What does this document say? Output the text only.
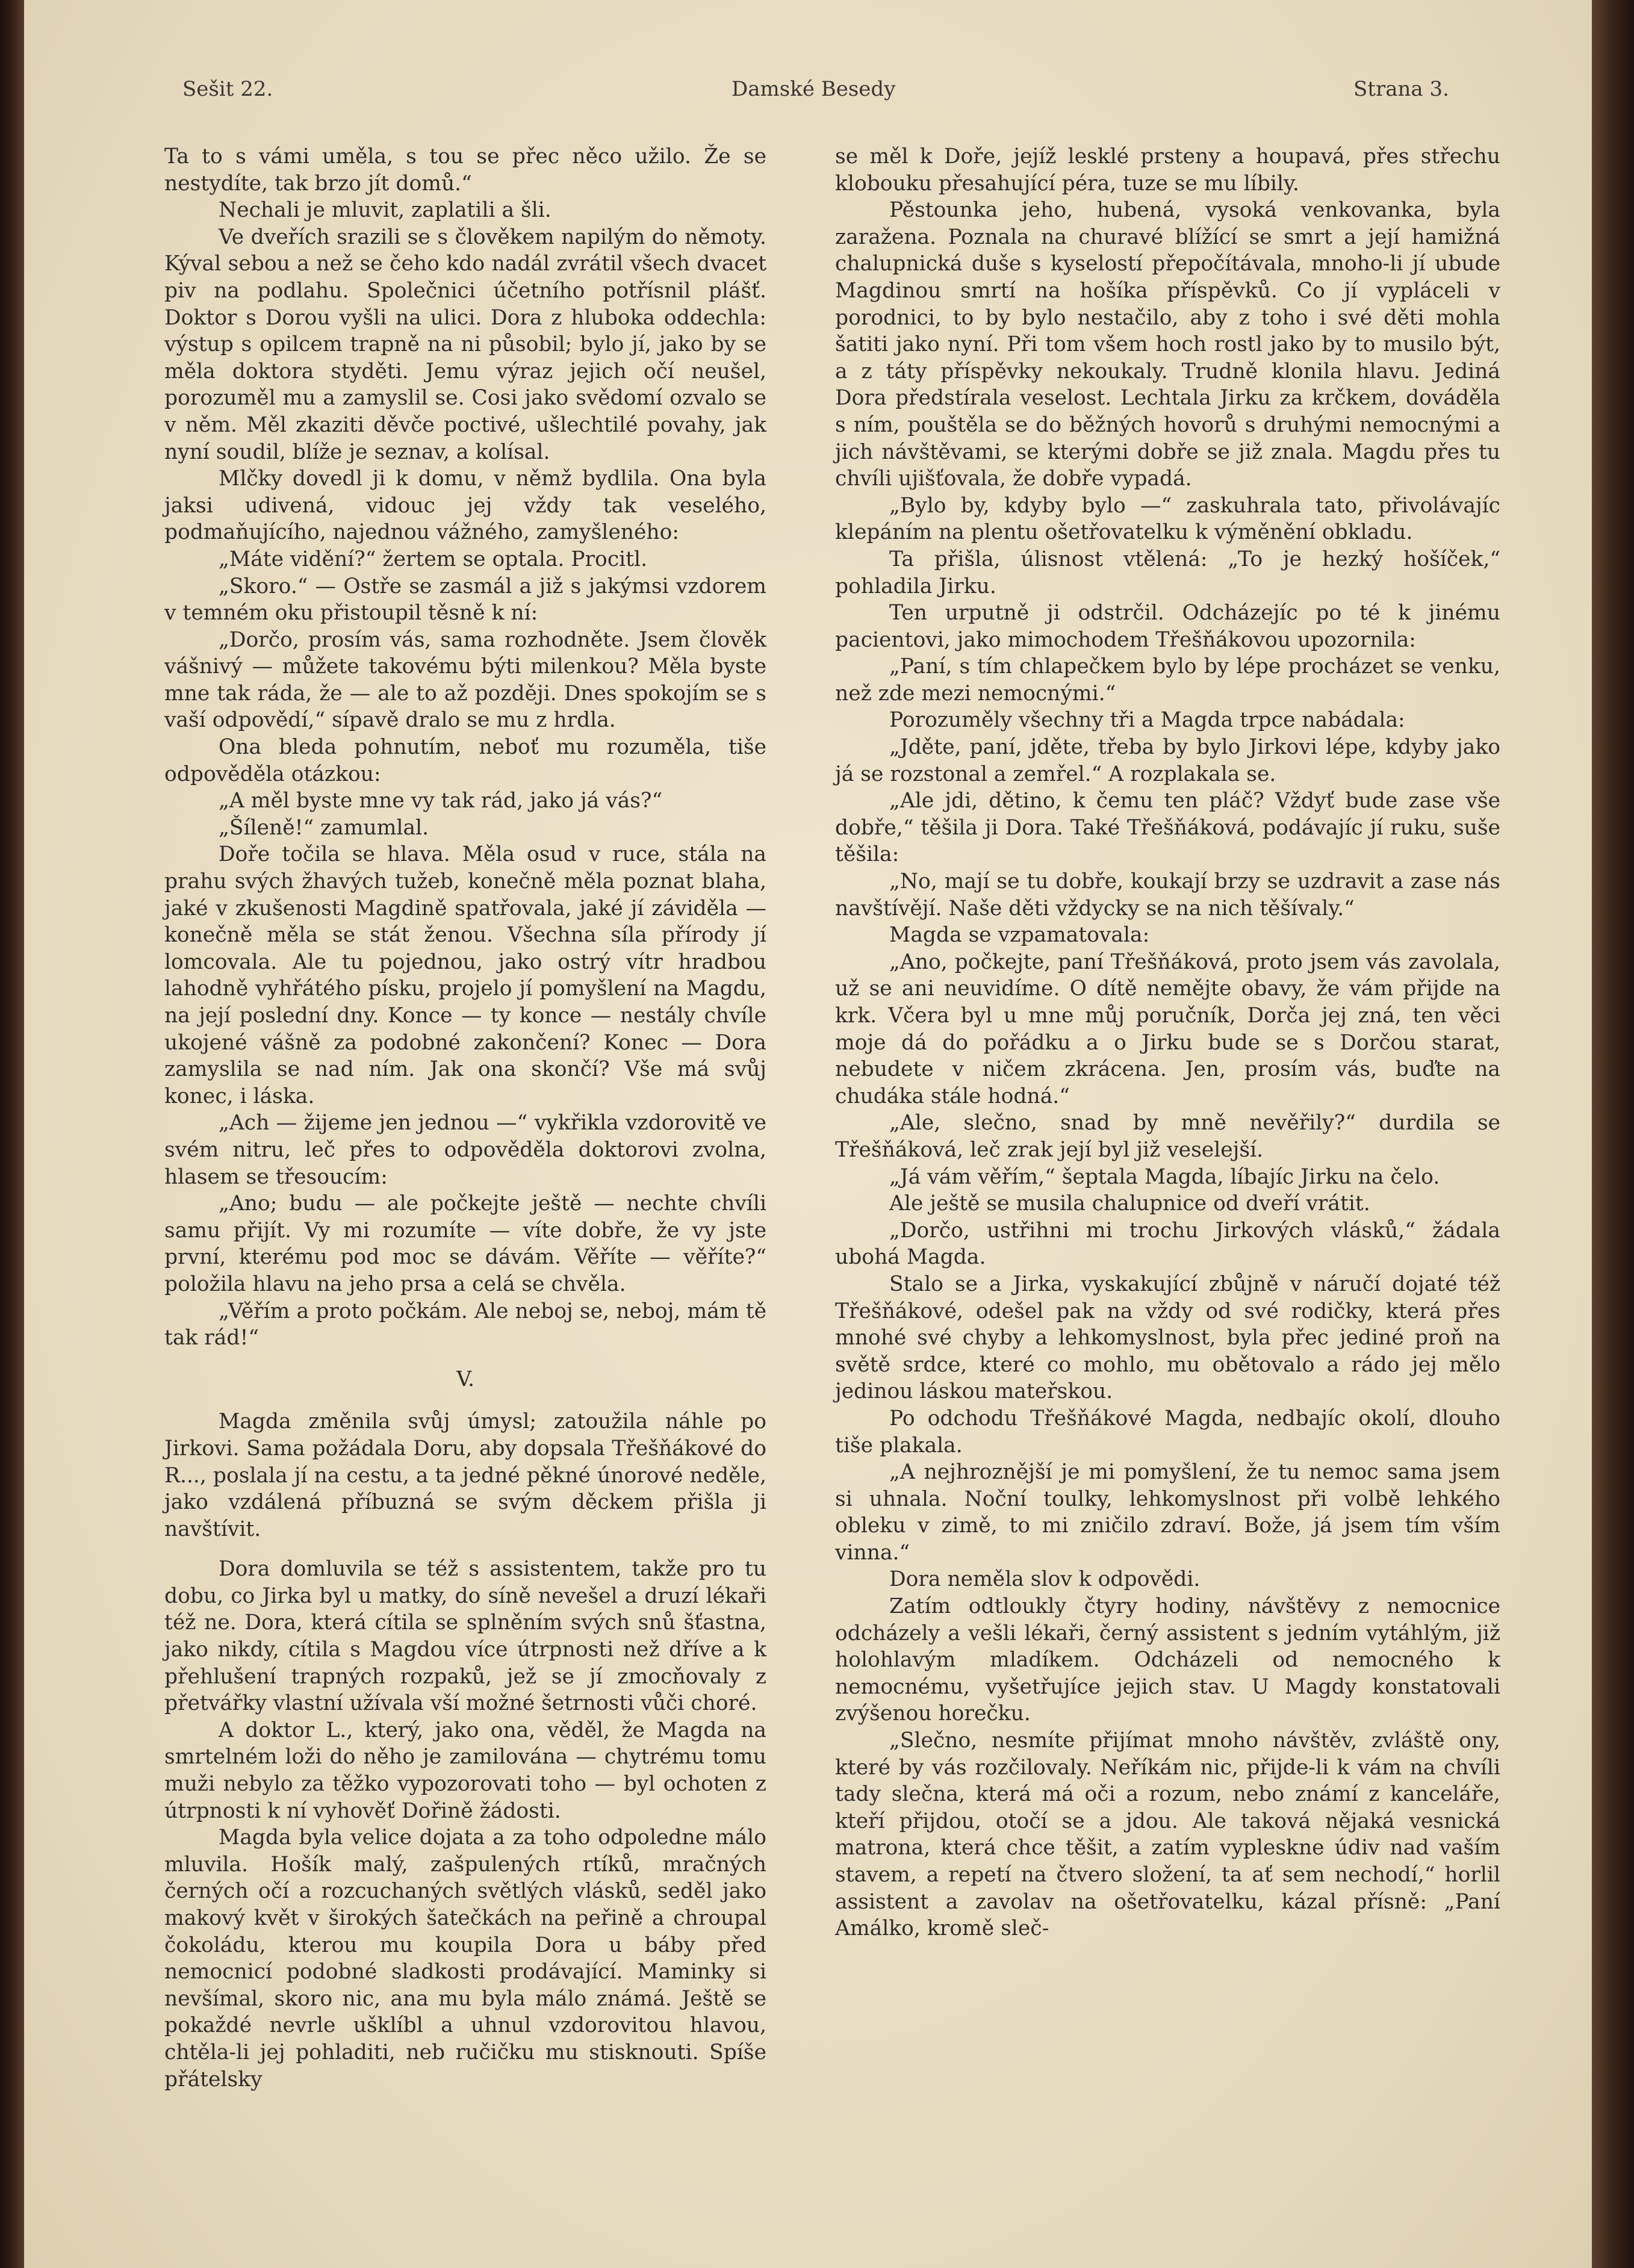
Sešit 22.	Damské Besedy	Strana 3.

Ta to s vámi uměla, s tou se přec něco užilo. Že se nestydíte, tak brzo jít domů.“

Nechali je mluvit, zaplatili a šli.

Ve dveřích srazili se s člověkem napilým do němoty. Kýval sebou a než se čeho kdo nadál zvrátil všech dvacet piv na podlahu. Společnici účetního potřísnil plášť. Doktor s Dorou vyšli na ulici. Dora z hluboka oddechla: výstup s opilcem trapně na ni působil; bylo jí, jako by se měla doktora styděti. Jemu výraz jejich očí neušel, porozuměl mu a zamyslil se. Cosi jako svědomí ozvalo se v něm. Měl zkaziti děvče poctivé, ušlechtilé povahy, jak nyní soudil, blíže je seznav, a kolísal.

Mlčky dovedl ji k domu, v němž bydlila. Ona byla jaksi udivená, vidouc jej vždy tak veselého, podmaňujícího, najednou vážného, zamyšleného:

„Máte vidění?“ žertem se optala. Procitl.

„Skoro.“ — Ostře se zasmál a již s jakýmsi vzdorem v temném oku přistoupil těsně k ní:

„Dorčo, prosím vás, sama rozhodněte. Jsem člověk vášnivý — můžete takovému býti milenkou? Měla byste mne tak ráda, že — ale to až později. Dnes spokojím se s vaší odpovědí,“ sípavě dralo se mu z hrdla.

Ona bleda pohnutím, neboť mu rozuměla, tiše odpověděla otázkou:

„A měl byste mne vy tak rád, jako já vás?“

„Šíleně!“ zamumlal.

Doře točila se hlava. Měla osud v ruce, stála na prahu svých žhavých tužeb, konečně měla poznat blaha, jaké v zkušenosti Magdině spatřovala, jaké jí záviděla — konečně měla se stát ženou. Všechna síla přírody jí lomcovala. Ale tu pojednou, jako ostrý vítr hradbou lahodně vyhřátého písku, projelo jí pomyšlení na Magdu, na její poslední dny. Konce — ty konce — nestály chvíle ukojené vášně za podobné zakončení? Konec — Dora zamyslila se nad ním. Jak ona skončí? Vše má svůj konec, i láska.

„Ach — žijeme jen jednou —“ vykřikla vzdorovitě ve svém nitru, leč přes to odpověděla doktorovi zvolna, hlasem se třesoucím:

„Ano; budu — ale počkejte ještě — nechte chvíli samu přijít. Vy mi rozumíte — víte dobře, že vy jste první, kterému pod moc se dávám. Věříte — věříte?“ položila hlavu na jeho prsa a celá se chvěla.

„Věřím a proto počkám. Ale neboj se, neboj, mám tě tak rád!“

V.

Magda změnila svůj úmysl; zatoužila náhle po Jirkovi. Sama požádala Doru, aby dopsala Třešňákové do R..., poslala jí na cestu, a ta jedné pěkné únorové neděle, jako vzdálená příbuzná se svým děckem přišla ji navštívit.

Dora domluvila se též s assistentem, takže pro tu dobu, co Jirka byl u matky, do síně nevešel a druzí lékaři též ne. Dora, která cítila se splněním svých snů šťastna, jako nikdy, cítila s Magdou více útrpnosti než dříve a k přehlušení trapných rozpaků, jež se jí zmocňovaly z přetvářky vlastní užívala vší možné šetrnosti vůči choré.

A doktor L., který, jako ona, věděl, že Magda na smrtelném loži do něho je zamilována — chytrému tomu muži nebylo za těžko vypozorovati toho — byl ochoten z útrpnosti k ní vyhověť Dořině žádosti.

Magda byla velice dojata a za toho odpoledne málo mluvila. Hošík malý, zašpulených rtíků, mračných černých očí a rozcuchaných světlých vlásků, seděl jako makový květ v širokých šatečkách na peřině a chroupal čokoládu, kterou mu koupila Dora u báby před nemocnicí podobné sladkosti prodávající. Maminky si nevšímal, skoro nic, ana mu byla málo známá. Ještě se pokaždé nevrle ušklíbl a uhnul vzdorovitou hlavou, chtěla-li jej pohladiti, neb ručičku mu stisknouti. Spíše přátelsky

se měl k Doře, jejíž lesklé prsteny a houpavá, přes střechu klobouku přesahující péra, tuze se mu líbily.

Pěstounka jeho, hubená, vysoká venkovanka, byla zaražena. Poznala na churavé blížící se smrt a její hamižná chalupnická duše s kyselostí přepočítávala, mnoho-li jí ubude Magdinou smrtí na hošíka příspěvků. Co jí vypláceli v porodnici, to by bylo nestačilo, aby z toho i své děti mohla šatiti jako nyní. Při tom všem hoch rostl jako by to musilo být, a z táty příspěvky nekoukaly. Trudně klonila hlavu. Jediná Dora předstírala veselost. Lechtala Jirku za krčkem, dováděla s ním, pouštěla se do běžných hovorů s druhými nemocnými a jich návštěvami, se kterými dobře se již znala. Magdu přes tu chvíli ujišťovala, že dobře vypadá.

„Bylo by, kdyby bylo —“ zaskuhrala tato, přivolávajíc klepáním na plentu ošetřovatelku k výměnění obkladu.

Ta přišla, úlisnost vtělená: „To je hezký hošíček,“ pohladila Jirku.

Ten urputně ji odstrčil. Odcházejíc po té k jinému pacientovi, jako mimochodem Třešňákovou upozornila:

„Paní, s tím chlapečkem bylo by lépe procházet se venku, než zde mezi nemocnými.“

Porozuměly všechny tři a Magda trpce nabádala:

„Jděte, paní, jděte, třeba by bylo Jirkovi lépe, kdyby jako já se rozstonal a zemřel.“ A rozplakala se.

„Ale jdi, dětino, k čemu ten pláč? Vždyť bude zase vše dobře,“ těšila ji Dora. Také Třešňáková, podávajíc jí ruku, suše těšila:

„No, mají se tu dobře, koukají brzy se uzdravit a zase nás navštívějí. Naše děti vždycky se na nich těšívaly.“

Magda se vzpamatovala:

„Ano, počkejte, paní Třešňáková, proto jsem vás zavolala, už se ani neuvidíme. O dítě nemějte obavy, že vám přijde na krk. Včera byl u mne můj poručník, Dorča jej zná, ten věci moje dá do pořádku a o Jirku bude se s Dorčou starat, nebudete v ničem zkrácena. Jen, prosím vás, buďte na chudáka stále hodná.“

„Ale, slečno, snad by mně nevěřily?“ durdila se Třešňáková, leč zrak její byl již veselejší.

„Já vám věřím,“ šeptala Magda, líbajíc Jirku na čelo.

Ale ještě se musila chalupnice od dveří vrátit.

„Dorčo, ustřihni mi trochu Jirkových vlásků,“ žádala ubohá Magda.

Stalo se a Jirka, vyskakující zbůjně v náručí dojaté též Třešňákové, odešel pak na vždy od své rodičky, která přes mnohé své chyby a lehkomyslnost, byla přec jediné proň na světě srdce, které co mohlo, mu obětovalo a rádo jej mělo jedinou láskou mateřskou.

Po odchodu Třešňákové Magda, nedbajíc okolí, dlouho tiše plakala.

„A nejhroznější je mi pomyšlení, že tu nemoc sama jsem si uhnala. Noční toulky, lehkomyslnost při volbě lehkého obleku v zimě, to mi zničilo zdraví. Bože, já jsem tím vším vinna.“

Dora neměla slov k odpovědi.

Zatím odtloukly čtyry hodiny, návštěvy z nemocnice odcházely a vešli lékaři, černý assistent s jedním vytáhlým, již holohlavým mladíkem. Odcházeli od nemocného k nemocnému, vyšetřujíce jejich stav. U Magdy konstatovali zvýšenou horečku.

„Slečno, nesmíte přijímat mnoho návštěv, zvláště ony, které by vás rozčilovaly. Neříkám nic, přijde-li k vám na chvíli tady slečna, která má oči a rozum, nebo známí z kanceláře, kteří přijdou, otočí se a jdou. Ale taková nějaká vesnická matrona, která chce těšit, a zatím vypleskne údiv nad vaším stavem, a repetí na čtvero složení, ta ať sem nechodí,“ horlil assistent a zavolav na ošetřovatelku, kázal přísně: „Paní Amálko, kromě sleč-
